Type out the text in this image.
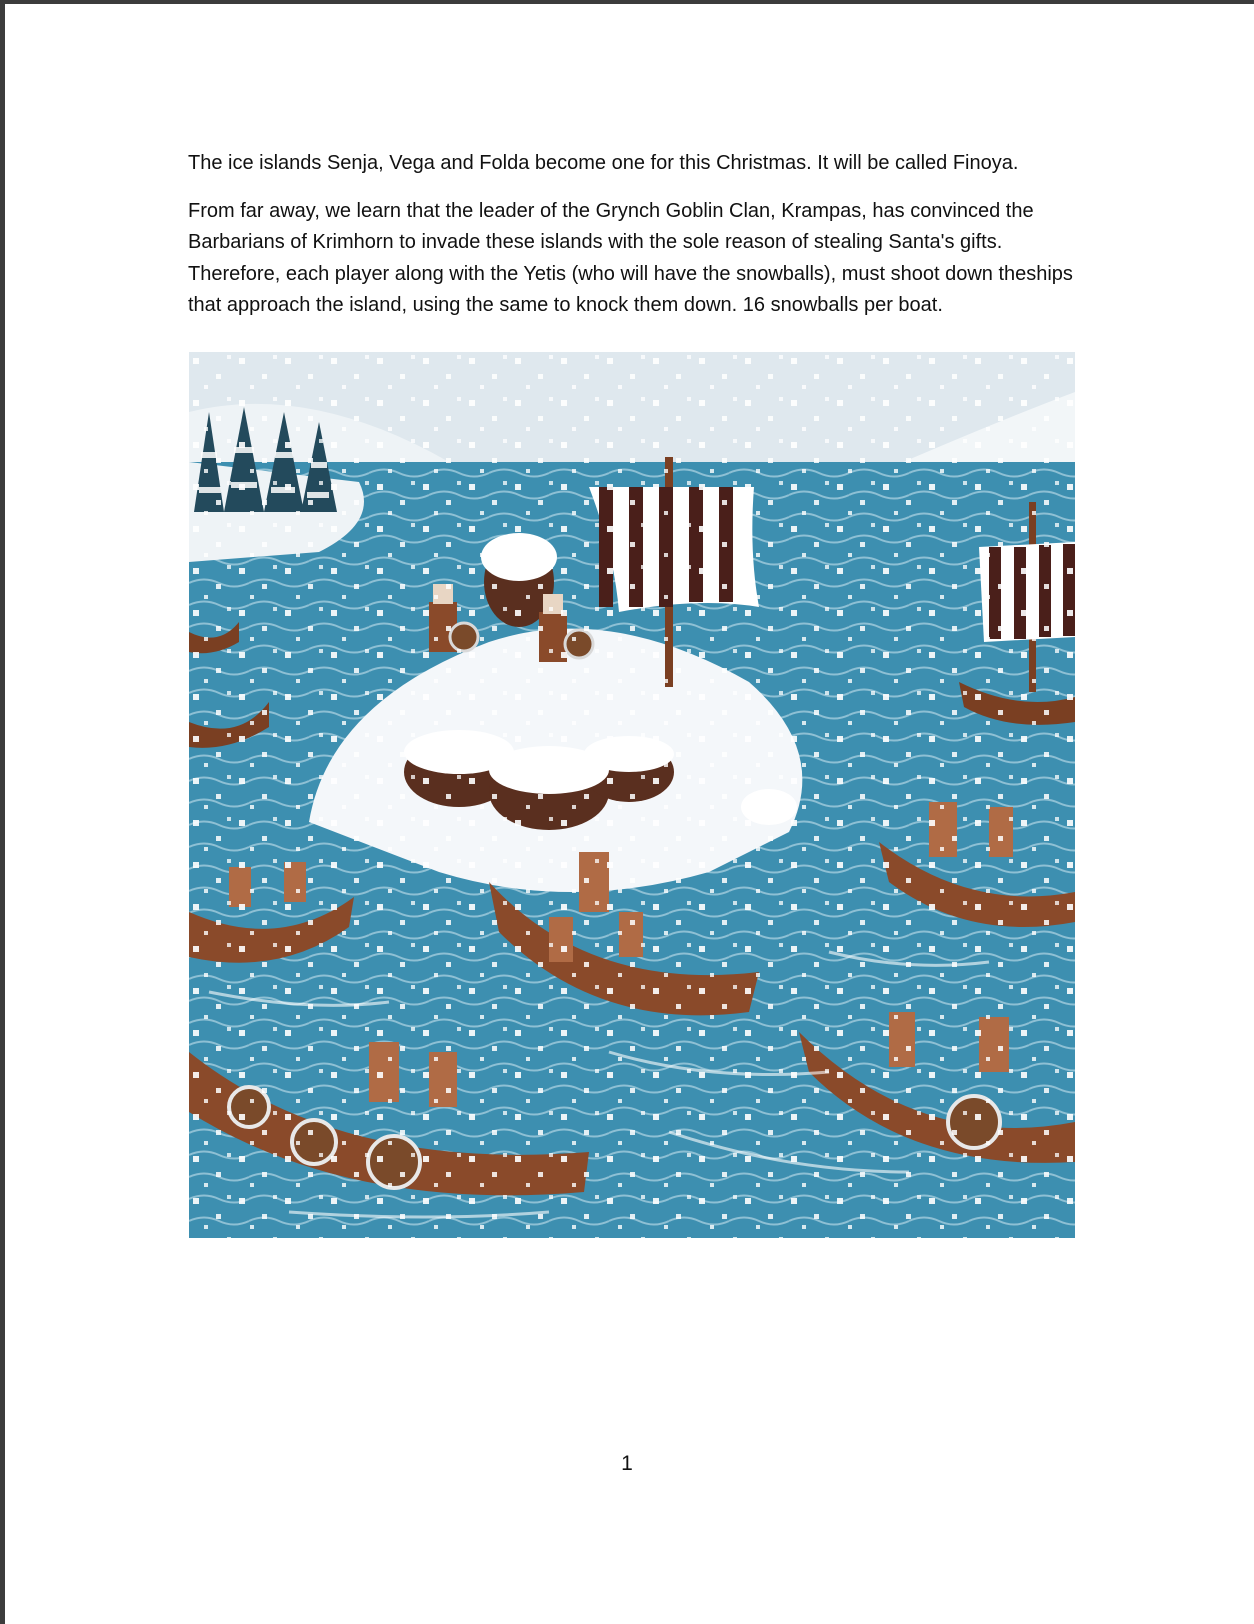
The ice islands Senja, Vega and Folda become one for this Christmas. It will be called Finoya.

From far away, we learn that the leader of the Grynch Goblin Clan, Krampas, has convinced the Barbarians of Krimhorn to invade these islands with the sole reason of stealing Santa's gifts. Therefore, each player along with the Yetis (who will have the snowballs), must shoot down theships that approach the island, using the same to knock them down. 16 snowballs per boat.

1
